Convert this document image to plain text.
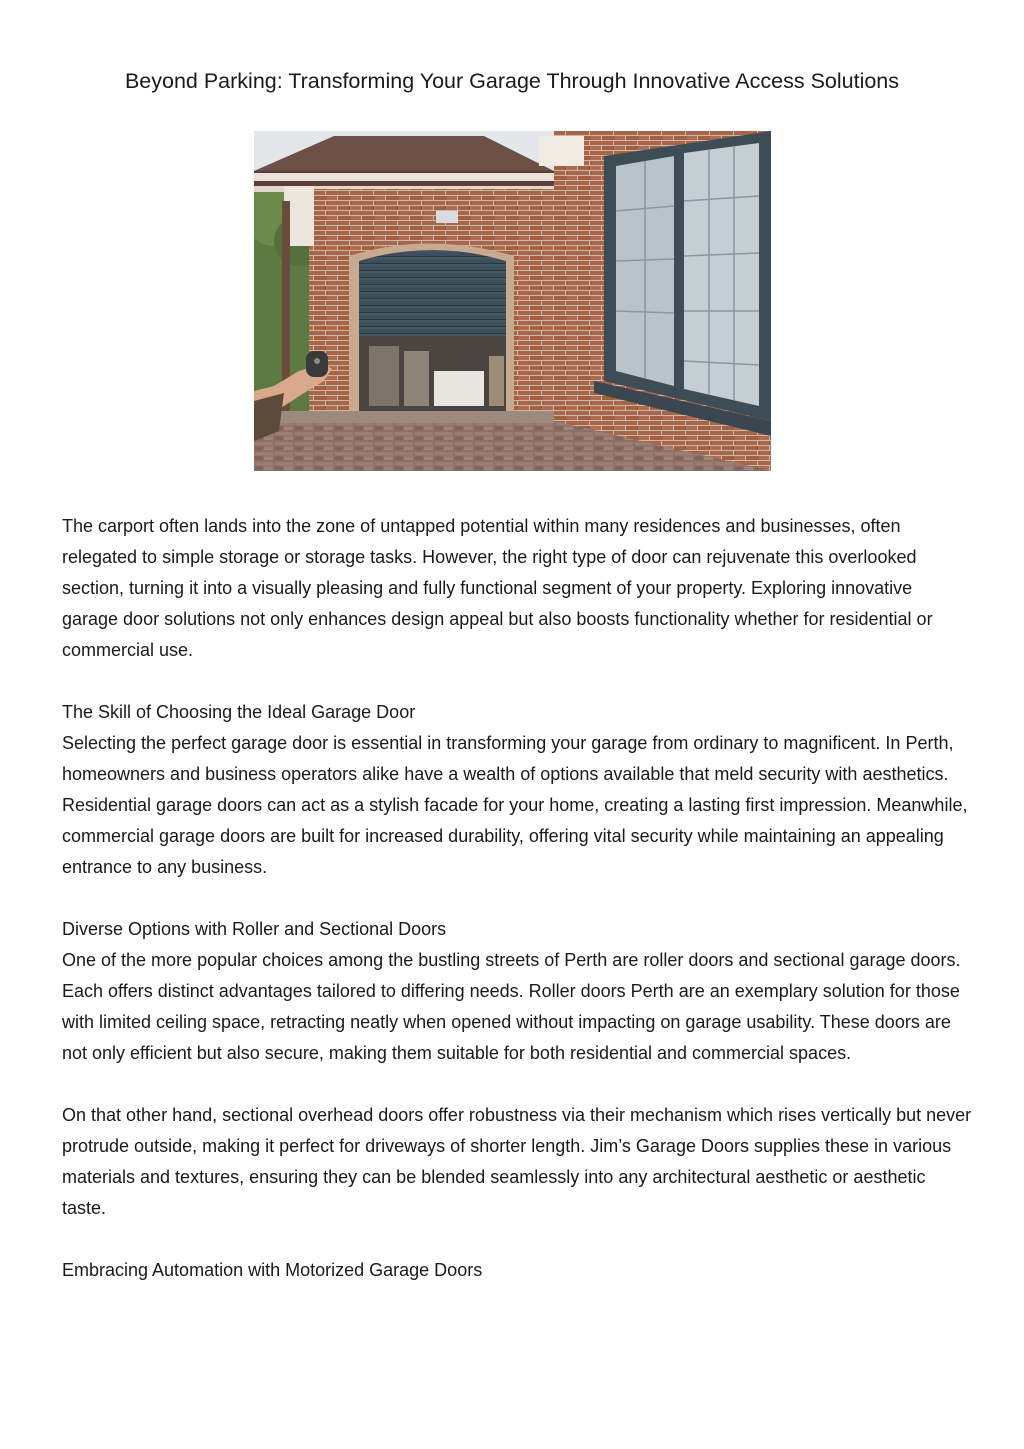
Beyond Parking: Transforming Your Garage Through Innovative Access Solutions

The carport often lands into the zone of untapped potential within many residences and businesses, often relegated to simple storage or storage tasks. However, the right type of door can rejuvenate this overlooked section, turning it into a visually pleasing and fully functional segment of your property. Exploring innovative garage door solutions not only enhances design appeal but also boosts functionality whether for residential or commercial use.

The Skill of Choosing the Ideal Garage Door

Selecting the perfect garage door is essential in transforming your garage from ordinary to magnificent. In Perth, homeowners and business operators alike have a wealth of options available that meld security with aesthetics. Residential garage doors can act as a stylish facade for your home, creating a lasting first impression. Meanwhile, commercial garage doors are built for increased durability, offering vital security while maintaining an appealing entrance to any business.

Diverse Options with Roller and Sectional Doors

One of the more popular choices among the bustling streets of Perth are roller doors and sectional garage doors. Each offers distinct advantages tailored to differing needs. Roller doors Perth are an exemplary solution for those with limited ceiling space, retracting neatly when opened without impacting on garage usability. These doors are not only efficient but also secure, making them suitable for both residential and commercial spaces.

On that other hand, sectional overhead doors offer robustness via their mechanism which rises vertically but never protrude outside, making it perfect for driveways of shorter length. Jim’s Garage Doors supplies these in various materials and textures, ensuring they can be blended seamlessly into any architectural aesthetic or aesthetic taste.

Embracing Automation with Motorized Garage Doors
